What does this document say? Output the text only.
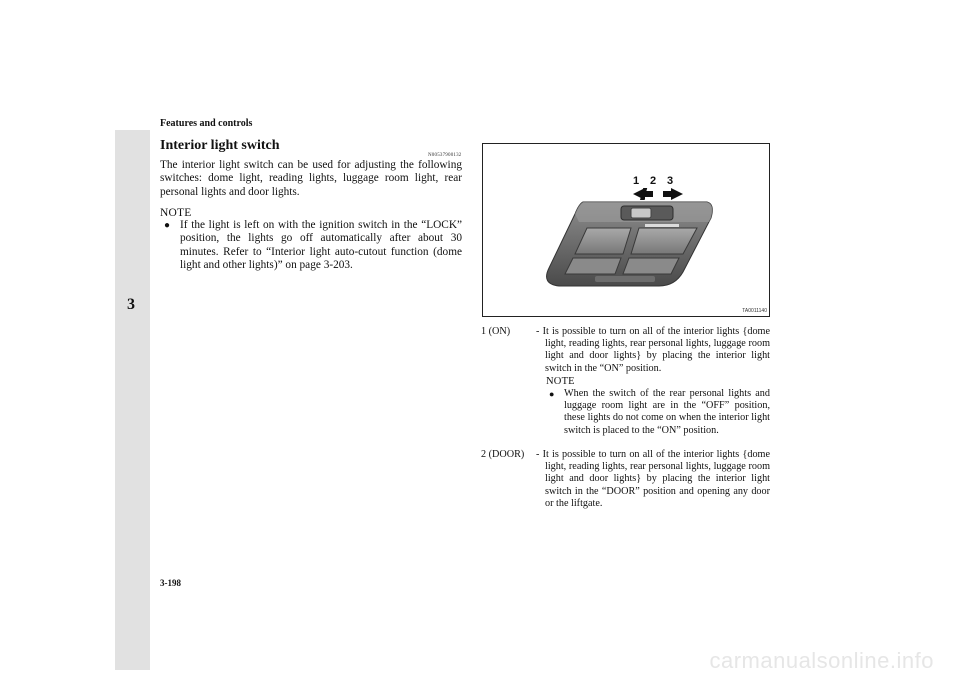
Features and controls
3
Interior light switch
N00537900132
The interior light switch can be used for adjusting the following switches: dome light, reading lights, luggage room light, rear personal lights and door lights.
NOTE
● If the light is left on with the ignition switch in the “LOCK” position, the lights go off automatically after about 30 minutes. Refer to “Interior light auto-cutout function (dome light and other lights)” on page 3-203.
1 2 3
TA0011140
1 (ON)	- It is possible to turn on all of the interior lights {dome light, reading lights, rear personal lights, luggage room light and door lights} by placing the interior light switch in the “ON” position.
NOTE
● When the switch of the rear personal lights and luggage room light are in the “OFF” position, these lights do not come on when the interior light switch is placed to the “ON” position.
2 (DOOR) - It is possible to turn on all of the interior lights {dome light, reading lights, rear personal lights, luggage room light and door lights} by placing the interior light switch in the “DOOR” position and opening any door or the liftgate.
3-198
carmanualsonline.info
